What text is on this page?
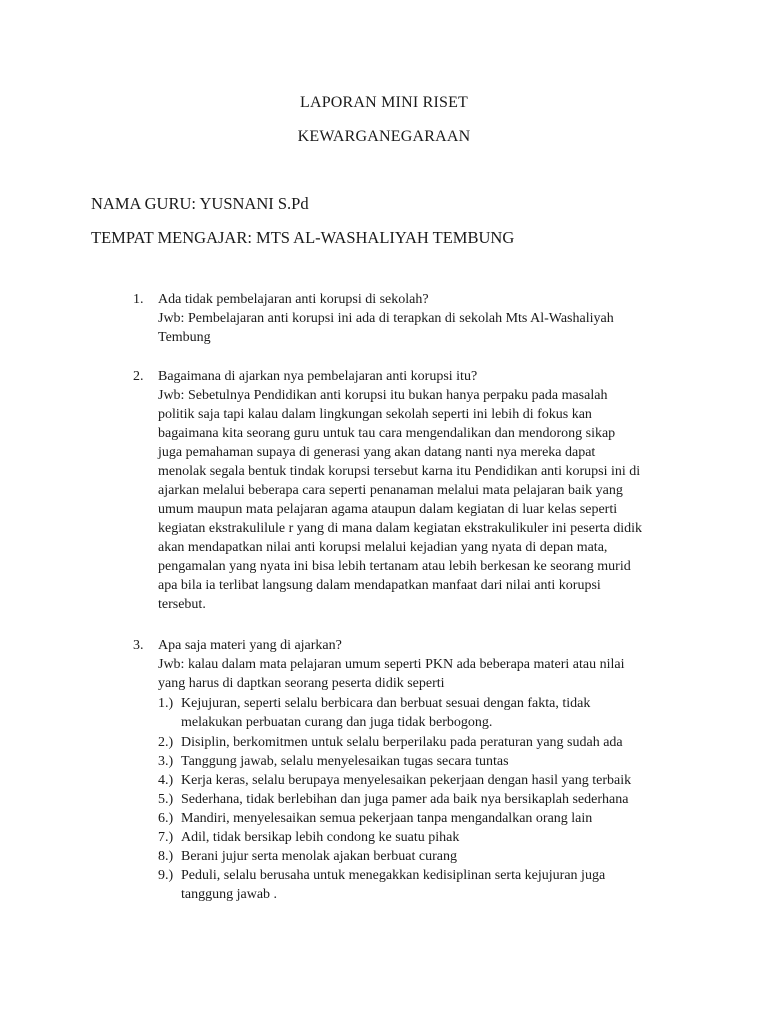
LAPORAN MINI RISET
KEWARGANEGARAAN
NAMA GURU: YUSNANI S.Pd
TEMPAT MENGAJAR: MTS AL-WASHALIYAH TEMBUNG
1. Ada tidak pembelajaran anti korupsi di sekolah?
Jwb: Pembelajaran anti korupsi ini ada di terapkan di sekolah Mts Al-Washaliyah
Tembung
2. Bagaimana di ajarkan nya pembelajaran anti korupsi itu?
Jwb: Sebetulnya Pendidikan anti korupsi itu bukan hanya perpaku pada masalah
politik saja tapi kalau dalam lingkungan sekolah seperti ini lebih di fokus kan
bagaimana kita seorang guru untuk tau cara mengendalikan dan mendorong sikap
juga pemahaman supaya di generasi yang akan datang nanti nya mereka dapat
menolak segala bentuk tindak korupsi tersebut karna itu Pendidikan anti korupsi ini di
ajarkan melalui beberapa cara seperti penanaman melalui mata pelajaran baik yang
umum maupun mata pelajaran agama ataupun dalam kegiatan di luar kelas seperti
kegiatan ekstrakulilule r yang di mana dalam kegiatan ekstrakulikuler ini peserta didik
akan mendapatkan nilai anti korupsi melalui kejadian yang nyata di depan mata,
pengamalan yang nyata ini bisa lebih tertanam atau lebih berkesan ke seorang murid
apa bila ia terlibat langsung dalam mendapatkan manfaat dari nilai anti korupsi
tersebut.
3. Apa saja materi yang di ajarkan?
Jwb: kalau dalam mata pelajaran umum seperti PKN ada beberapa materi atau nilai
yang harus di daptkan seorang peserta didik seperti
1.) Kejujuran, seperti selalu berbicara dan berbuat sesuai dengan fakta, tidak
melakukan perbuatan curang dan juga tidak berbogong.
2.) Disiplin, berkomitmen untuk selalu berperilaku pada peraturan yang sudah ada
3.) Tanggung jawab, selalu menyelesaikan tugas secara tuntas
4.) Kerja keras, selalu berupaya menyelesaikan pekerjaan dengan hasil yang terbaik
5.) Sederhana, tidak berlebihan dan juga pamer ada baik nya bersikaplah sederhana
6.) Mandiri, menyelesaikan semua pekerjaan tanpa mengandalkan orang lain
7.) Adil, tidak bersikap lebih condong ke suatu pihak
8.) Berani jujur serta menolak ajakan berbuat curang
9.) Peduli, selalu berusaha untuk menegakkan kedisiplinan serta kejujuran juga
tanggung jawab .
